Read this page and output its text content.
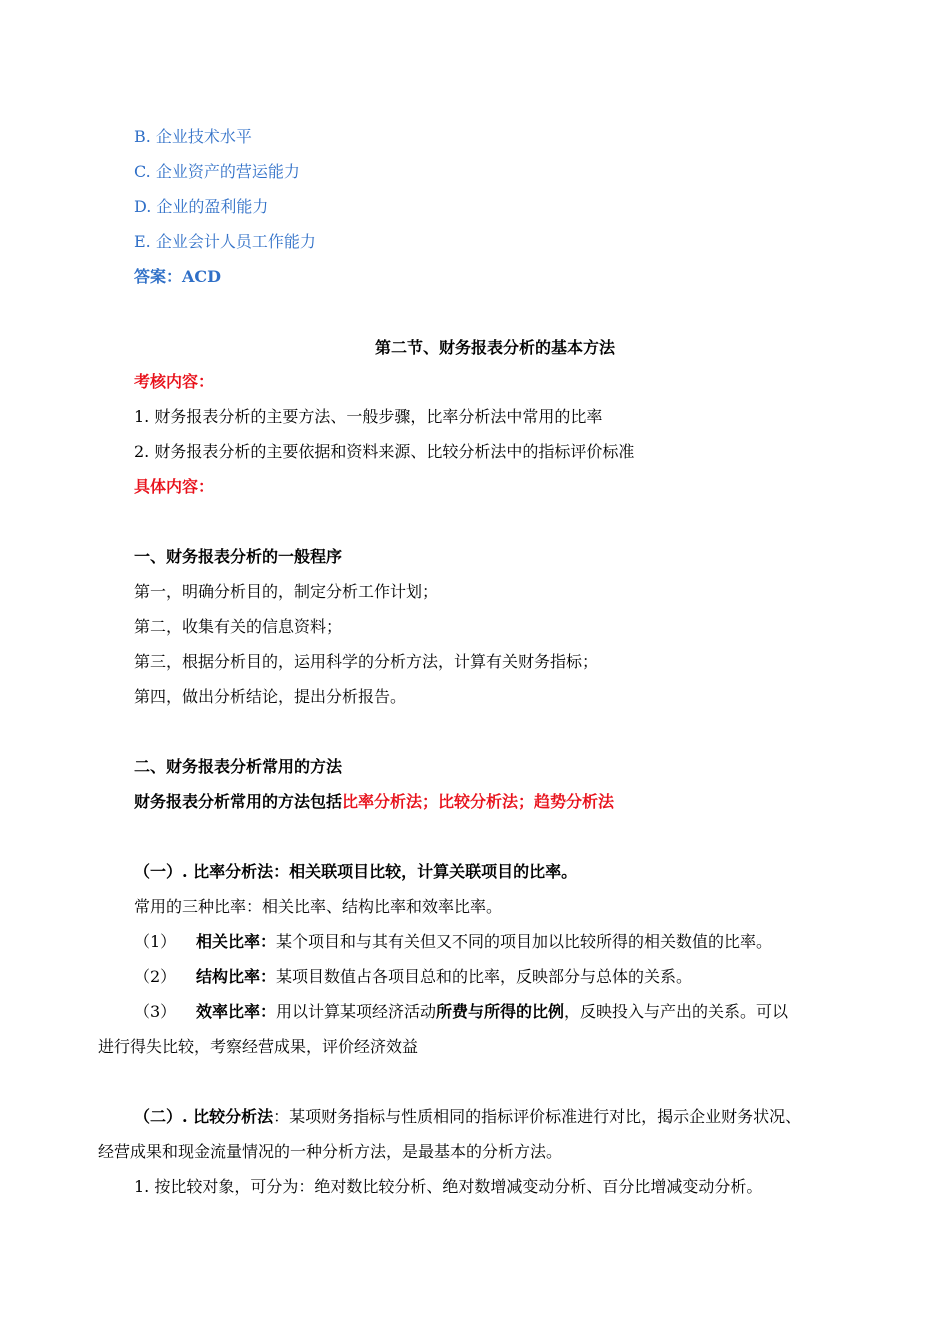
B. 企业技术水平
C. 企业资产的营运能力
D. 企业的盈利能力
E. 企业会计人员工作能力
答案：ACD
第二节、财务报表分析的基本方法
考核内容：
1. 财务报表分析的主要方法、一般步骤，比率分析法中常用的比率
2. 财务报表分析的主要依据和资料来源、比较分析法中的指标评价标准
具体内容：
一、财务报表分析的一般程序
第一，明确分析目的，制定分析工作计划；
第二，收集有关的信息资料；
第三，根据分析目的，运用科学的分析方法，计算有关财务指标；
第四，做出分析结论，提出分析报告。
二、财务报表分析常用的方法
财务报表分析常用的方法包括比率分析法；比较分析法；趋势分析法
（一）. 比率分析法：相关联项目比较，计算关联项目的比率。
常用的三种比率：相关比率、结构比率和效率比率。
（1） 相关比率：某个项目和与其有关但又不同的项目加以比较所得的相关数值的比率。
（2） 结构比率：某项目数值占各项目总和的比率，反映部分与总体的关系。
（3） 效率比率：用以计算某项经济活动所费与所得的比例，反映投入与产出的关系。可以
进行得失比较，考察经营成果，评价经济效益
（二）. 比较分析法：某项财务指标与性质相同的指标评价标准进行对比，揭示企业财务状况、
经营成果和现金流量情况的一种分析方法，是最基本的分析方法。
1. 按比较对象，可分为：绝对数比较分析、绝对数增减变动分析、百分比增减变动分析。
